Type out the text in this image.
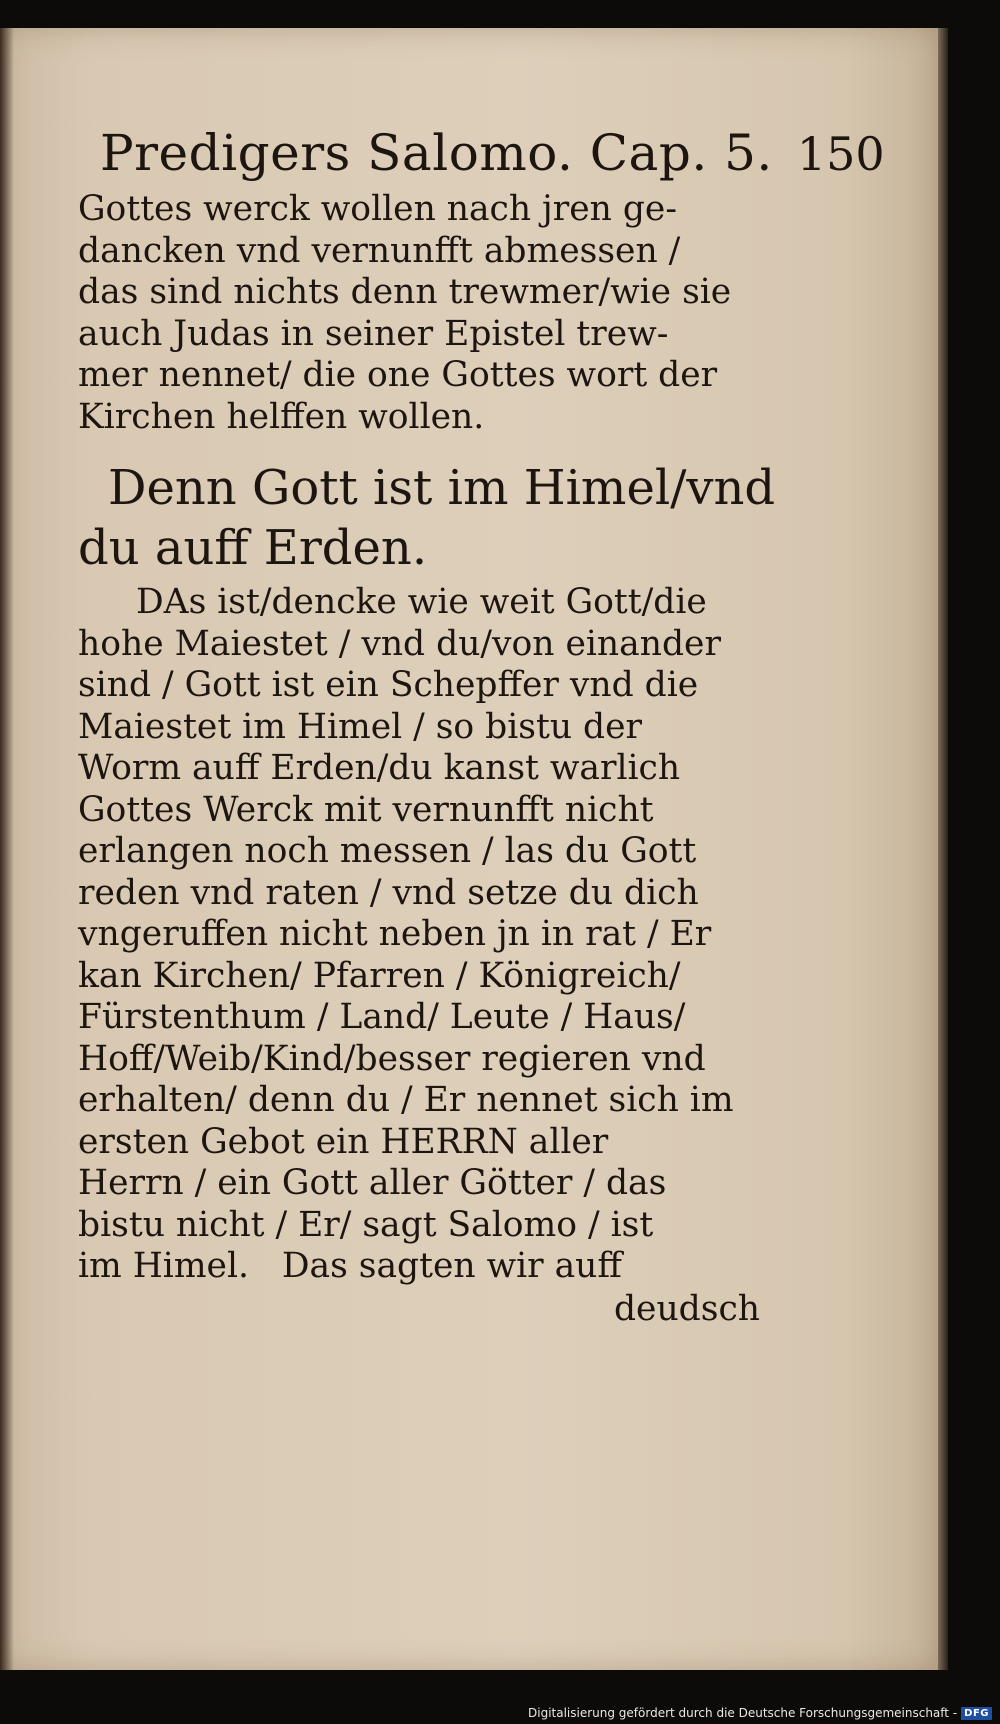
Predigers Salomo. Cap. 5. 150
Gottes werck wollen nach jren ge-
dancken vnd vernunfft abmessen /
das sind nichts denn trewmer/wie sie
auch Judas in seiner Epistel trew-
mer nennet/ die one Gottes wort der
Kirchen helffen wollen.
Denn Gott ist im Himel/vnd
du auff Erden.
DAs ist/dencke wie weit Gott/die
hohe Maiestet / vnd du/von einander
sind / Gott ist ein Schepffer vnd die
Maiestet im Himel / so bistu der
Worm auff Erden/du kanst warlich
Gottes Werck mit vernunfft nicht
erlangen noch messen / las du Gott
reden vnd raten / vnd setze du dich
vngeruffen nicht neben jn in rat / Er
kan Kirchen/ Pfarren / Königreich/
Fürstenthum / Land/ Leute / Haus/
Hoff/Weib/Kind/besser regieren vnd
erhalten/ denn du / Er nennet sich im
ersten Gebot ein HERRN aller
Herrn / ein Gott aller Götter / das
bistu nicht / Er/ sagt Salomo / ist
im Himel.   Das sagten wir auff
deudsch
Digitalisierung gefördert durch die Deutsche Forschungsgemeinschaft - DFG
